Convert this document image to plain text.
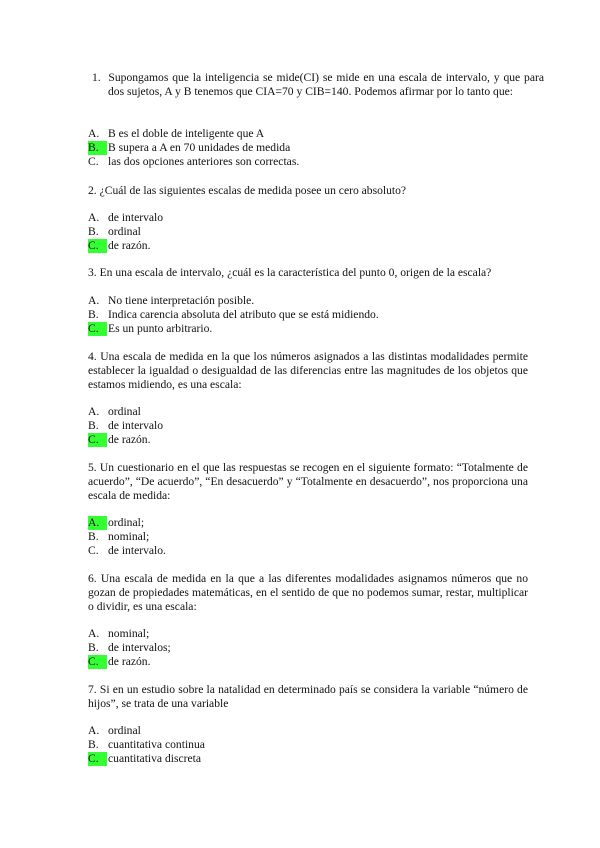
1.  Supongamos que la inteligencia se mide(CI) se mide en una escala de intervalo, y que para dos sujetos, A y B tenemos que CIA=70 y CIB=140. Podemos afirmar por lo tanto que:
A. B es el doble de inteligente que A
B. B supera a A en 70 unidades de medida
C. las dos opciones anteriores son correctas.
2. ¿Cuál de las siguientes escalas de medida posee un cero absoluto?
A. de intervalo
B. ordinal
C. de razón.
3. En una escala de intervalo, ¿cuál es la característica del punto 0, origen de la escala?
A. No tiene interpretación posible.
B. Indica carencia absoluta del atributo que se está midiendo.
C. Es un punto arbitrario.
4. Una escala de medida en la que los números asignados a las distintas modalidades permite establecer la igualdad o desigualdad de las diferencias entre las magnitudes de los objetos que estamos midiendo, es una escala:
A. ordinal
B. de intervalo
C. de razón.
5. Un cuestionario en el que las respuestas se recogen en el siguiente formato: “Totalmente de acuerdo”, “De acuerdo”, “En desacuerdo” y “Totalmente en desacuerdo”, nos proporciona una escala de medida:
A. ordinal;
B. nominal;
C. de intervalo.
6. Una escala de medida en la que a las diferentes modalidades asignamos números que no gozan de propiedades matemáticas, en el sentido de que no podemos sumar, restar, multiplicar o dividir, es una escala:
A. nominal;
B. de intervalos;
C. de razón.
7. Si en un estudio sobre la natalidad en determinado país se considera la variable “número de hijos”, se trata de una variable
A. ordinal
B. cuantitativa continua
C. cuantitativa discreta
